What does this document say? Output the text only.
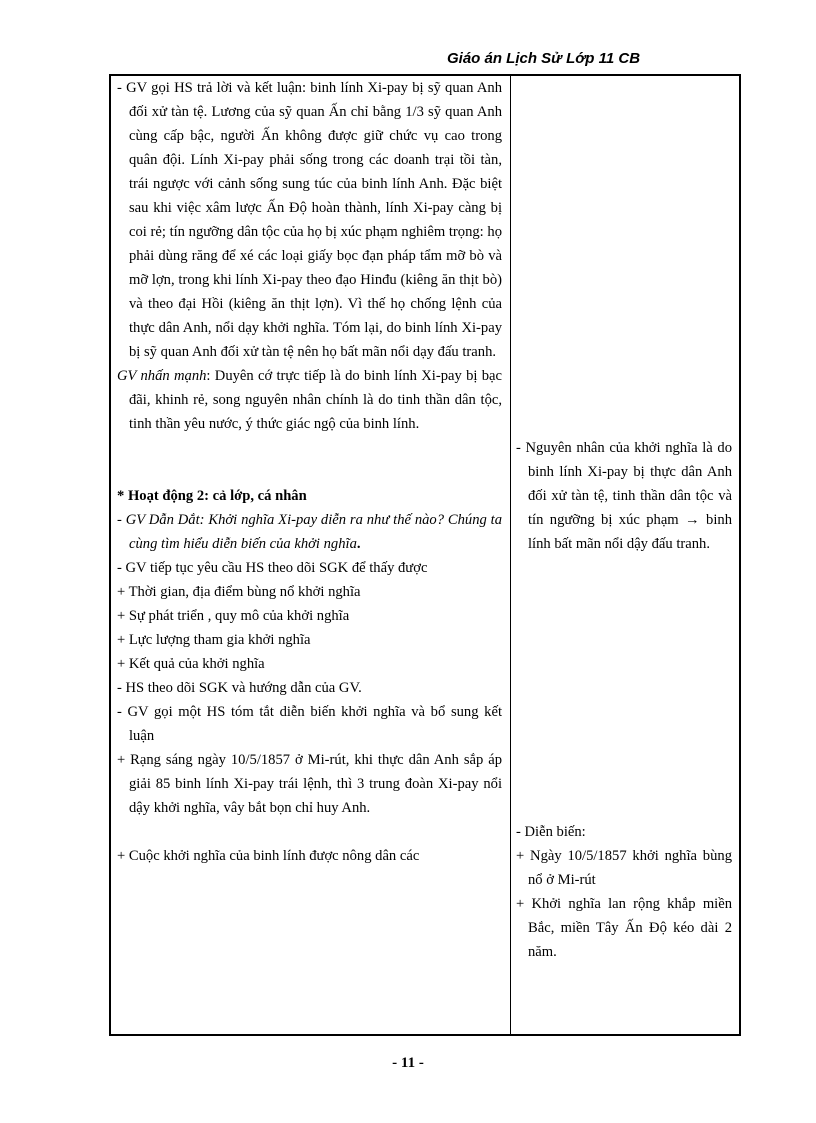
Giáo án Lịch Sử Lớp 11 CB

- GV gọi HS trả lời và kết luận: binh lính Xi-pay bị sỹ quan Anh đối xử tàn tệ. Lương của sỹ quan Ấn chỉ bằng 1/3 sỹ quan Anh cùng cấp bậc, người Ấn không được giữ chức vụ cao trong quân đội. Lính Xi-pay phải sống trong các doanh trại tồi tàn, trái ngược với cảnh sống sung túc của binh lính Anh. Đặc biệt sau khi việc xâm lược Ấn Độ hoàn thành, lính Xi-pay càng bị coi rẻ; tín ngưỡng dân tộc của họ bị xúc phạm nghiêm trọng: họ phải dùng răng để xé các loại giấy bọc đạn pháp tẩm mỡ bò và mỡ lợn, trong khi lính Xi-pay theo đạo Hinđu (kiêng ăn thịt bò) và theo đại Hồi (kiêng ăn thịt lợn). Vì thế họ chống lệnh của thực dân Anh, nổi dạy khởi nghĩa. Tóm lại, do binh lính Xi-pay bị sỹ quan Anh đối xử tàn tệ nên họ bất mãn nổi dạy đấu tranh.

GV nhấn mạnh: Duyên cớ trực tiếp là do binh lính Xi-pay bị bạc đãi, khinh rẻ, song nguyên nhân chính là do tinh thần dân tộc, tinh thần yêu nước, ý thức giác ngộ của binh lính.

* Hoạt động 2: cả lớp, cá nhân

- GV Dẫn Dắt: Khởi nghĩa Xi-pay diễn ra như thế nào? Chúng ta cùng tìm hiểu diễn biến của khởi nghĩa.

- GV tiếp tục yêu cầu HS theo dõi SGK để thấy được

+ Thời gian, địa điểm bùng nổ khởi nghĩa

+ Sự phát triển , quy mô của khởi nghĩa

+ Lực lượng tham gia khởi nghĩa

+ Kết quả của khởi nghĩa

- HS theo dõi SGK và hướng dẫn của GV.

- GV gọi một HS tóm tắt diễn biến khởi nghĩa và bổ sung kết luận

+ Rạng sáng ngày 10/5/1857 ở Mi-rút, khi thực dân Anh sắp áp giải 85 binh lính Xi-pay trái lệnh, thì 3 trung đoàn Xi-pay nổi dậy khởi nghĩa, vây bắt bọn chỉ huy Anh.

+ Cuộc khởi nghĩa của binh lính được nông dân các

- Nguyên nhân của khởi nghĩa là do binh lính Xi-pay bị thực dân Anh đối xử tàn tệ, tinh thần dân tộc và tín ngưỡng bị xúc phạm → binh lính bất mãn nổi dậy đấu tranh.

- Diễn biến:

+ Ngày 10/5/1857 khởi nghĩa bùng nổ ở Mi-rút

+ Khởi nghĩa lan rộng khắp miền Bắc, miền Tây Ấn Độ kéo dài 2 năm.

- 11 -
